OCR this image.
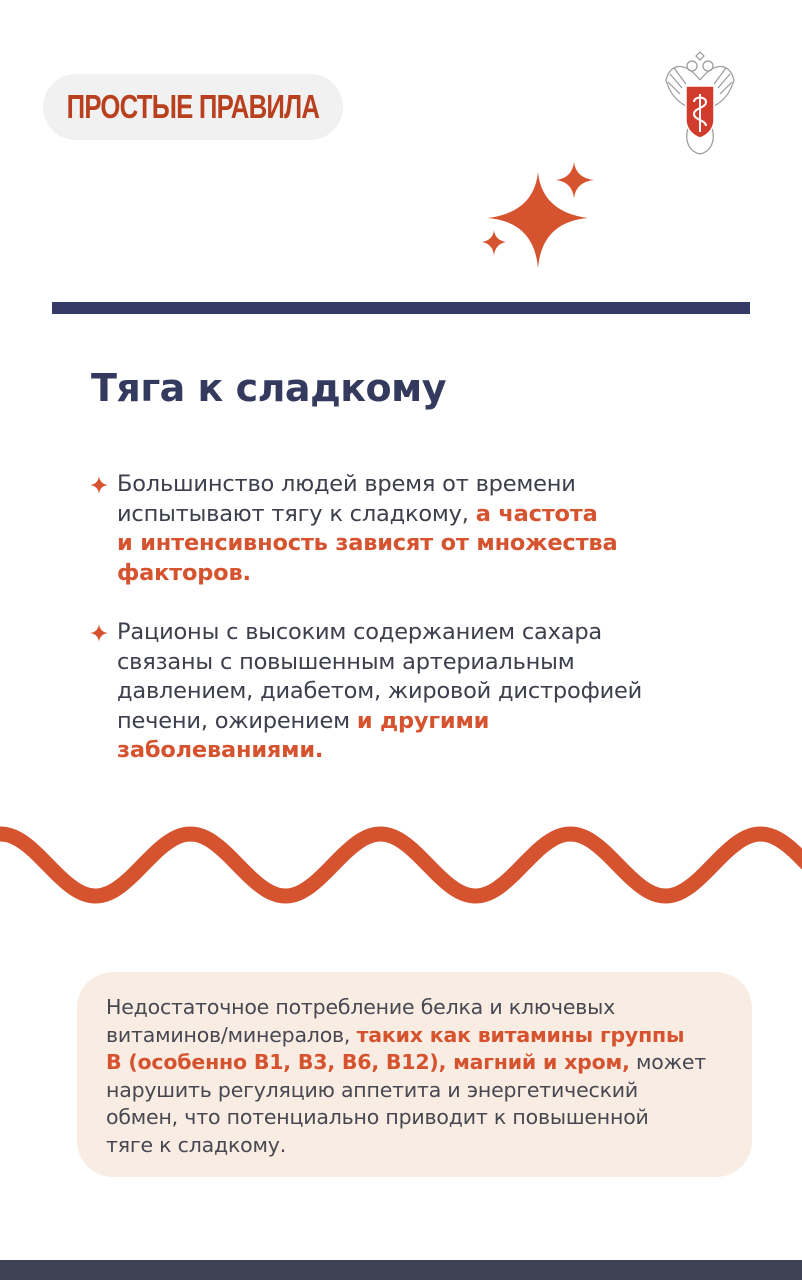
ПРОСТЫЕ ПРАВИЛА
Тяга к сладкому
Большинство людей время от времени
испытывают тягу к сладкому, а частота
и интенсивность зависят от множества
факторов.
Рационы с высоким содержанием сахара
связаны с повышенным артериальным
давлением, диабетом, жировой дистрофией
печени, ожирением и другими
заболеваниями.
Недостаточное потребление белка и ключевых
витаминов/минералов, таких как витамины группы
В (особенно В1, В3, В6, В12), магний и хром, может
нарушить регуляцию аппетита и энергетический
обмен, что потенциально приводит к повышенной
тяге к сладкому.
